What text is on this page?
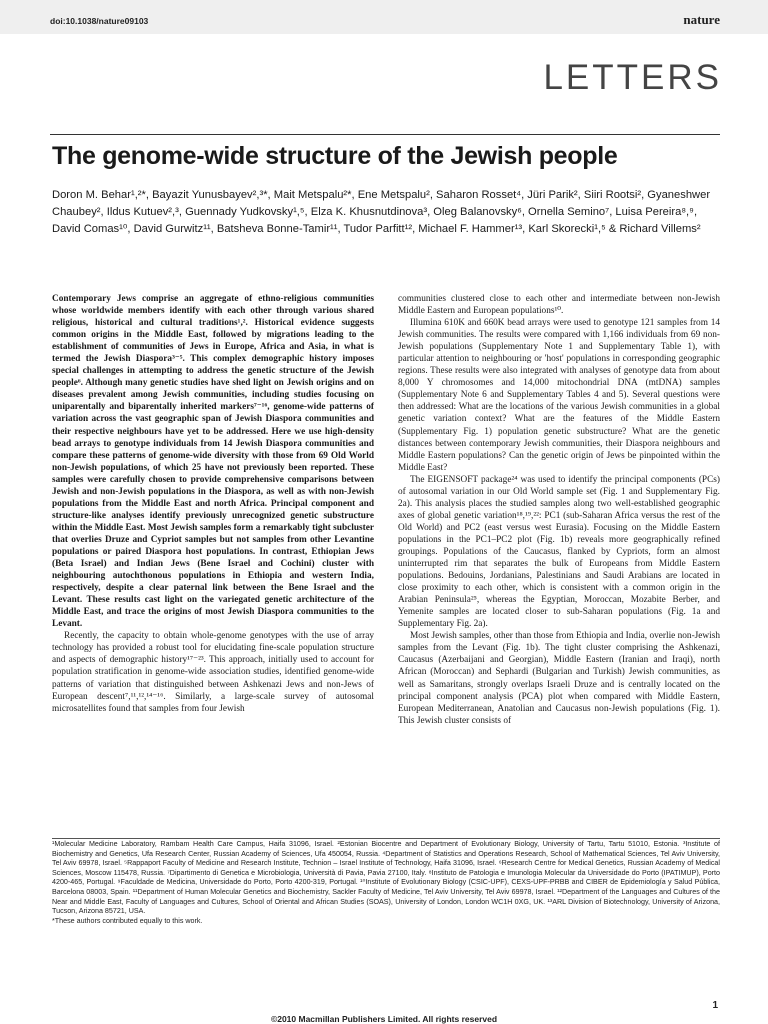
doi:10.1038/nature09103	nature
LETTERS
The genome-wide structure of the Jewish people
Doron M. Behar¹,²*, Bayazit Yunusbayev²,³*, Mait Metspalu²*, Ene Metspalu², Saharon Rosset⁴, Jüri Parik², Siiri Rootsi², Gyaneshwer Chaubey², Ildus Kutuev²,³, Guennady Yudkovsky¹,⁵, Elza K. Khusnutdinova³, Oleg Balanovsky⁶, Ornella Semino⁷, Luisa Pereira⁸,⁹, David Comas¹⁰, David Gurwitz¹¹, Batsheva Bonne-Tamir¹¹, Tudor Parfitt¹², Michael F. Hammer¹³, Karl Skorecki¹,⁵ & Richard Villems²

Contemporary Jews comprise an aggregate of ethno-religious communities whose worldwide members identify with each other through various shared religious, historical and cultural traditions¹,². Historical evidence suggests common origins in the Middle East, followed by migrations leading to the establishment of communities of Jews in Europe, Africa and Asia, in what is termed the Jewish Diaspora³⁻⁵. This complex demographic history imposes special challenges in attempting to address the genetic structure of the Jewish people⁶. Although many genetic studies have shed light on Jewish origins and on diseases prevalent among Jewish communities, including studies focusing on uniparentally and biparentally inherited markers⁷⁻¹⁶, genome-wide patterns of variation across the vast geographic span of Jewish Diaspora communities and their respective neighbours have yet to be addressed. Here we use high-density bead arrays to genotype individuals from 14 Jewish Diaspora communities and compare these patterns of genome-wide diversity with those from 69 Old World non-Jewish populations, of which 25 have not previously been reported. These samples were carefully chosen to provide comprehensive comparisons between Jewish and non-Jewish populations in the Diaspora, as well as with non-Jewish populations from the Middle East and north Africa. Principal component and structure-like analyses identify previously unrecognized genetic substructure within the Middle East. Most Jewish samples form a remarkably tight subcluster that overlies Druze and Cypriot samples but not samples from other Levantine populations or paired Diaspora host populations. In contrast, Ethiopian Jews (Beta Israel) and Indian Jews (Bene Israel and Cochini) cluster with neighbouring autochthonous populations in Ethiopia and western India, respectively, despite a clear paternal link between the Bene Israel and the Levant. These results cast light on the variegated genetic architecture of the Middle East, and trace the origins of most Jewish Diaspora communities to the Levant.

Recently, the capacity to obtain whole-genome genotypes with the use of array technology has provided a robust tool for elucidating fine-scale population structure and aspects of demographic history¹⁷⁻²³. This approach, initially used to account for population stratification in genome-wide association studies, identified genome-wide patterns of variation that distinguished between Ashkenazi Jews and non-Jews of European descent⁷,¹¹,¹²,¹⁴⁻¹⁶. Similarly, a large-scale survey of autosomal microsatellites found that samples from four Jewish

communities clustered close to each other and intermediate between non-Jewish Middle Eastern and European populations¹⁰.

Illumina 610K and 660K bead arrays were used to genotype 121 samples from 14 Jewish communities. The results were compared with 1,166 individuals from 69 non-Jewish populations (Supplementary Note 1 and Supplementary Table 1), with particular attention to neighbouring or 'host' populations in corresponding geographic regions. These results were also integrated with analyses of genotype data from about 8,000 Y chromosomes and 14,000 mitochondrial DNA (mtDNA) samples (Supplementary Note 6 and Supplementary Tables 4 and 5). Several questions were then addressed: What are the locations of the various Jewish communities in a global genetic variation context? What are the features of the Middle Eastern (Supplementary Fig. 1) population genetic substructure? What are the genetic distances between contemporary Jewish communities, their Diaspora neighbours and Middle Eastern populations? Can the genetic origin of Jews be pinpointed within the Middle East?

The EIGENSOFT package²⁴ was used to identify the principal components (PCs) of autosomal variation in our Old World sample set (Fig. 1 and Supplementary Fig. 2a). This analysis places the studied samples along two well-established geographic axes of global genetic variation¹⁸,¹⁹,²²: PC1 (sub-Saharan Africa versus the rest of the Old World) and PC2 (east versus west Eurasia). Focusing on the Middle Eastern populations in the PC1–PC2 plot (Fig. 1b) reveals more geographically refined groupings. Populations of the Caucasus, flanked by Cypriots, form an almost uninterrupted rim that separates the bulk of Europeans from Middle Eastern populations. Bedouins, Jordanians, Palestinians and Saudi Arabians are located in close proximity to each other, which is consistent with a common origin in the Arabian Peninsula²⁵, whereas the Egyptian, Moroccan, Mozabite Berber, and Yemenite samples are located closer to sub-Saharan populations (Fig. 1a and Supplementary Fig. 2a).

Most Jewish samples, other than those from Ethiopia and India, overlie non-Jewish samples from the Levant (Fig. 1b). The tight cluster comprising the Ashkenazi, Caucasus (Azerbaijani and Georgian), Middle Eastern (Iranian and Iraqi), north African (Moroccan) and Sephardi (Bulgarian and Turkish) Jewish communities, as well as Samaritans, strongly overlaps Israeli Druze and is centrally located on the principal component analysis (PCA) plot when compared with Middle Eastern, European Mediterranean, Anatolian and Caucasus non-Jewish populations (Fig. 1). This Jewish cluster consists of

¹Molecular Medicine Laboratory, Rambam Health Care Campus, Haifa 31096, Israel. ²Estonian Biocentre and Department of Evolutionary Biology, University of Tartu, Tartu 51010, Estonia. ³Institute of Biochemistry and Genetics, Ufa Research Center, Russian Academy of Sciences, Ufa 450054, Russia. ⁴Department of Statistics and Operations Research, School of Mathematical Sciences, Tel Aviv University, Tel Aviv 69978, Israel. ⁵Rappaport Faculty of Medicine and Research Institute, Technion – Israel Institute of Technology, Haifa 31096, Israel. ⁶Research Centre for Medical Genetics, Russian Academy of Medical Sciences, Moscow 115478, Russia. ⁷Dipartimento di Genetica e Microbiologia, Università di Pavia, Pavia 27100, Italy. ⁸Instituto de Patologia e Imunologia Molecular da Universidade do Porto (IPATIMUP), Porto 4200-465, Portugal. ⁹Faculdade de Medicina, Universidade do Porto, Porto 4200-319, Portugal. ¹⁰Institute of Evolutionary Biology (CSIC-UPF), CEXS-UPF-PRBB and CIBER de Epidemiología y Salud Pública, Barcelona 08003, Spain. ¹¹Department of Human Molecular Genetics and Biochemistry, Sackler Faculty of Medicine, Tel Aviv University, Tel Aviv 69978, Israel. ¹²Department of the Languages and Cultures of the Near and Middle East, Faculty of Languages and Cultures, School of Oriental and African Studies (SOAS), University of London, London WC1H 0XG, UK. ¹³ARL Division of Biotechnology, University of Arizona, Tucson, Arizona 85721, USA.

*These authors contributed equally to this work.

1
©2010 Macmillan Publishers Limited. All rights reserved
